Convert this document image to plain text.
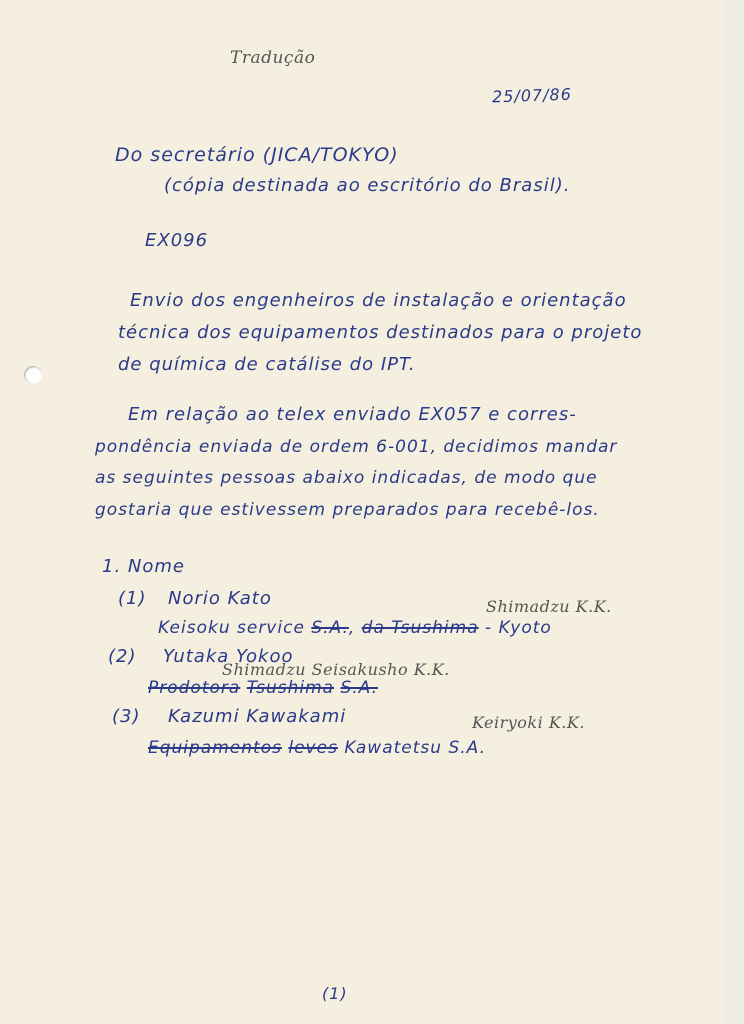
Tradução
25/07/86
Do secretário (JICA/TOKYO)
(cópia destinada ao escritório do Brasil).
EX096
Envio dos engenheiros de instalação e orientação
técnica dos equipamentos destinados para o projeto
de química de catálise do IPT.
Em relação ao telex enviado EX057 e corres-
pondência enviada de ordem 6-001, decidimos mandar
as seguintes pessoas abaixo indicadas, de modo que
gostaria que estivessem preparados para recebê-los.
1. Nome
(1) Norio Kato	Shimadzu K.K.
Keisoku service S.A., da Tsushima - Kyoto
(2) Yutaka Yokoo
Shimadzu Seisakusho K.K.
Prodotora Tsushima S.A.
(3) Kazumi Kawakami	Keiryoki K.K.
Equipamentos leves Kawatetsu S.A.
(1)
